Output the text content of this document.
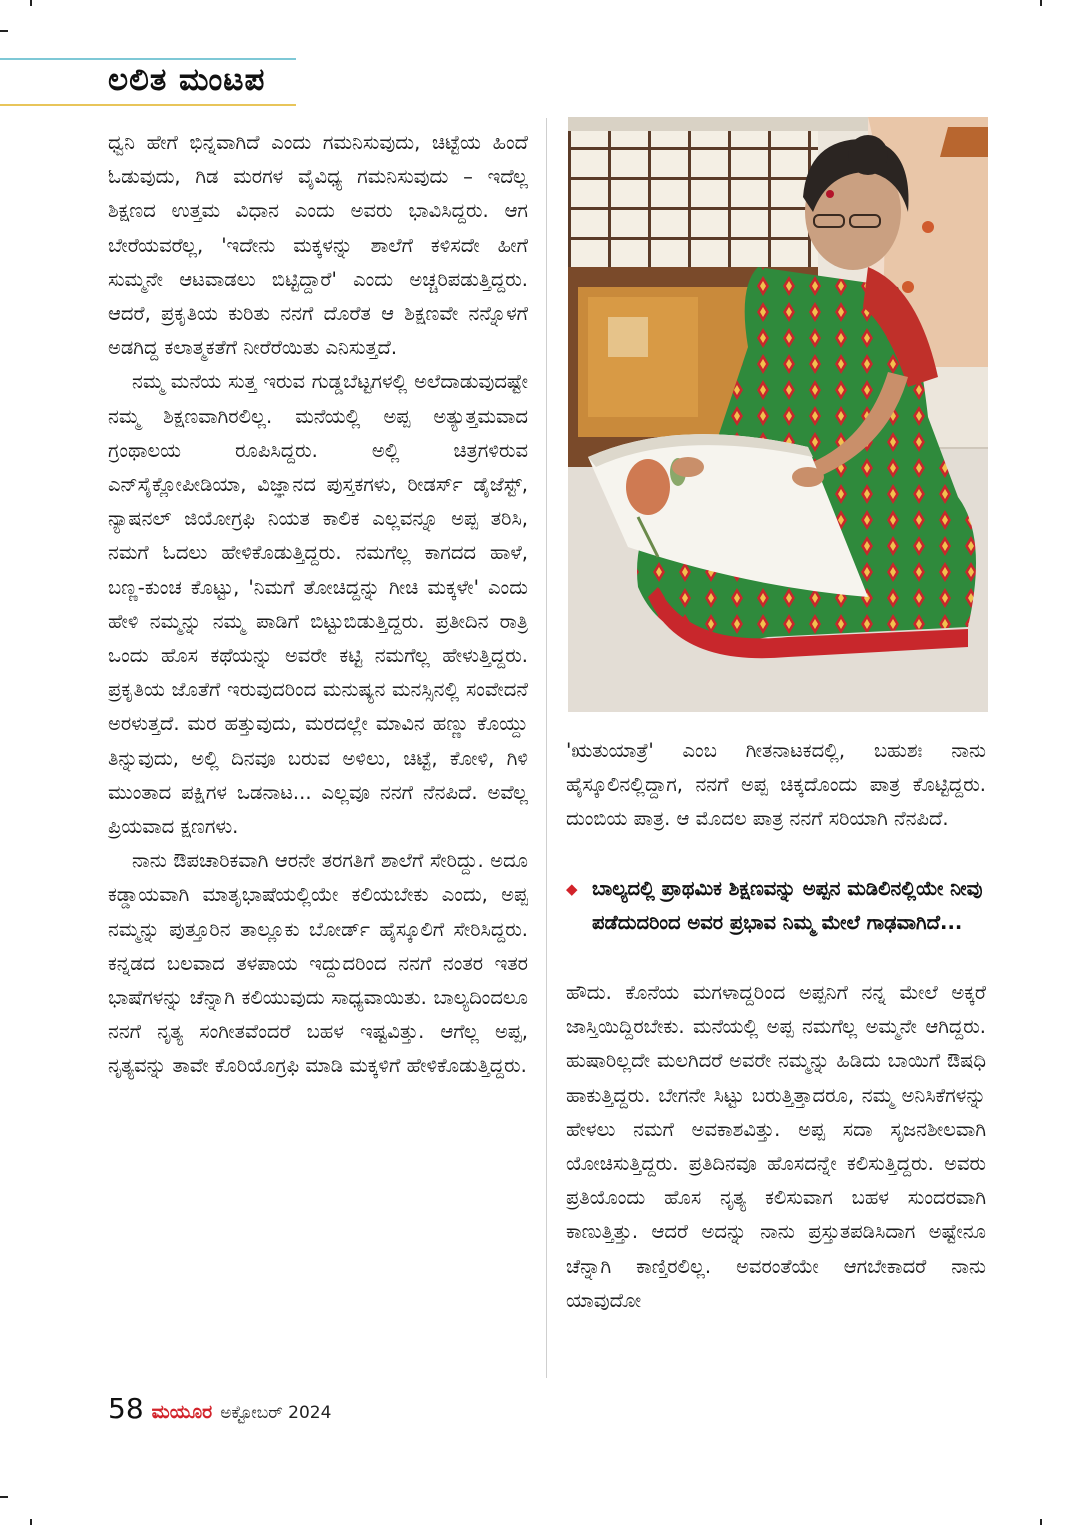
ಲಲಿತ ಮಂಟಪ

ಧ್ವನಿ ಹೇಗೆ ಭಿನ್ನವಾಗಿದೆ ಎಂದು ಗಮನಿಸುವುದು, ಚಿಟ್ಟೆಯ ಹಿಂದೆ ಓಡುವುದು, ಗಿಡ ಮರಗಳ ವೈವಿಧ್ಯ ಗಮನಿಸುವುದು – ಇದೆಲ್ಲ ಶಿಕ್ಷಣದ ಉತ್ತಮ ವಿಧಾನ ಎಂದು ಅವರು ಭಾವಿಸಿದ್ದರು. ಆಗ ಬೇರೆಯವರೆಲ್ಲ, 'ಇದೇನು ಮಕ್ಕಳನ್ನು ಶಾಲೆಗೆ ಕಳಿಸದೇ ಹೀಗೆ ಸುಮ್ಮನೇ ಆಟವಾಡಲು ಬಿಟ್ಟಿದ್ದಾರೆ' ಎಂದು ಅಚ್ಚರಿಪಡುತ್ತಿದ್ದರು. ಆದರೆ, ಪ್ರಕೃತಿಯ ಕುರಿತು ನನಗೆ ದೊರೆತ ಆ ಶಿಕ್ಷಣವೇ ನನ್ನೊಳಗೆ ಅಡಗಿದ್ದ ಕಲಾತ್ಮಕತೆಗೆ ನೀರೆರೆಯಿತು ಎನಿಸುತ್ತದೆ.

ನಮ್ಮ ಮನೆಯ ಸುತ್ತ ಇರುವ ಗುಡ್ಡಬೆಟ್ಟಗಳಲ್ಲಿ ಅಲೆದಾಡುವುದಷ್ಟೇ ನಮ್ಮ ಶಿಕ್ಷಣವಾಗಿರಲಿಲ್ಲ. ಮನೆಯಲ್ಲಿ ಅಪ್ಪ ಅತ್ಯುತ್ತಮವಾದ ಗ್ರಂಥಾಲಯ ರೂಪಿಸಿದ್ದರು. ಅಲ್ಲಿ ಚಿತ್ರಗಳಿರುವ ಎನ್‌ಸೈಕ್ಲೋಪೀಡಿಯಾ, ವಿಜ್ಞಾನದ ಪುಸ್ತಕಗಳು, ರೀಡರ್ಸ್ ಡೈಜೆಸ್ಟ್, ನ್ಯಾಷನಲ್ ಜಿಯೋಗ್ರಫಿ ನಿಯತ ಕಾಲಿಕ ಎಲ್ಲವನ್ನೂ ಅಪ್ಪ ತರಿಸಿ, ನಮಗೆ ಓದಲು ಹೇಳಿಕೊಡುತ್ತಿದ್ದರು. ನಮಗೆಲ್ಲ ಕಾಗದದ ಹಾಳೆ, ಬಣ್ಣ-ಕುಂಚ ಕೊಟ್ಟು, 'ನಿಮಗೆ ತೋಚಿದ್ದನ್ನು ಗೀಚಿ ಮಕ್ಕಳೇ' ಎಂದು ಹೇಳಿ ನಮ್ಮನ್ನು ನಮ್ಮ ಪಾಡಿಗೆ ಬಿಟ್ಟುಬಿಡುತ್ತಿದ್ದರು. ಪ್ರತೀದಿನ ರಾತ್ರಿ ಒಂದು ಹೊಸ ಕಥೆಯನ್ನು ಅವರೇ ಕಟ್ಟಿ ನಮಗೆಲ್ಲ ಹೇಳುತ್ತಿದ್ದರು. ಪ್ರಕೃತಿಯ ಜೊತೆಗೆ ಇರುವುದರಿಂದ ಮನುಷ್ಯನ ಮನಸ್ಸಿನಲ್ಲಿ ಸಂವೇದನೆ ಅರಳುತ್ತದೆ. ಮರ ಹತ್ತುವುದು, ಮರದಲ್ಲೇ ಮಾವಿನ ಹಣ್ಣು ಕೊಯ್ದು ತಿನ್ನುವುದು, ಅಲ್ಲಿ ದಿನವೂ ಬರುವ ಅಳಿಲು, ಚಿಟ್ಟೆ, ಕೋಳಿ, ಗಿಳಿ ಮುಂತಾದ ಪಕ್ಷಿಗಳ ಒಡನಾಟ... ಎಲ್ಲವೂ ನನಗೆ ನೆನಪಿದೆ. ಅವೆಲ್ಲ ಪ್ರಿಯವಾದ ಕ್ಷಣಗಳು.

ನಾನು ಔಪಚಾರಿಕವಾಗಿ ಆರನೇ ತರಗತಿಗೆ ಶಾಲೆಗೆ ಸೇರಿದ್ದು. ಅದೂ ಕಡ್ಡಾಯವಾಗಿ ಮಾತೃಭಾಷೆಯಲ್ಲಿಯೇ ಕಲಿಯಬೇಕು ಎಂದು, ಅಪ್ಪ ನಮ್ಮನ್ನು ಪುತ್ತೂರಿನ ತಾಲ್ಲೂಕು ಬೋರ್ಡ್ ಹೈಸ್ಕೂಲಿಗೆ ಸೇರಿಸಿದ್ದರು. ಕನ್ನಡದ ಬಲವಾದ ತಳಪಾಯ ಇದ್ದುದರಿಂದ ನನಗೆ ನಂತರ ಇತರ ಭಾಷೆಗಳನ್ನು ಚೆನ್ನಾಗಿ ಕಲಿಯುವುದು ಸಾಧ್ಯವಾಯಿತು. ಬಾಲ್ಯದಿಂದಲೂ ನನಗೆ ನೃತ್ಯ ಸಂಗೀತವೆಂದರೆ ಬಹಳ ಇಷ್ಟವಿತ್ತು. ಆಗೆಲ್ಲ ಅಪ್ಪ, ನೃತ್ಯವನ್ನು ತಾವೇ ಕೊರಿಯೊಗ್ರಫಿ ಮಾಡಿ ಮಕ್ಕಳಿಗೆ ಹೇಳಿಕೊಡುತ್ತಿದ್ದರು.

'ಋತುಯಾತ್ರೆ' ಎಂಬ ಗೀತನಾಟಕದಲ್ಲಿ, ಬಹುಶಃ ನಾನು ಹೈಸ್ಕೂಲಿನಲ್ಲಿದ್ದಾಗ, ನನಗೆ ಅಪ್ಪ ಚಿಕ್ಕದೊಂದು ಪಾತ್ರ ಕೊಟ್ಟಿದ್ದರು. ದುಂಬಿಯ ಪಾತ್ರ. ಆ ಮೊದಲ ಪಾತ್ರ ನನಗೆ ಸರಿಯಾಗಿ ನೆನಪಿದೆ.

◆ ಬಾಲ್ಯದಲ್ಲಿ ಪ್ರಾಥಮಿಕ ಶಿಕ್ಷಣವನ್ನು ಅಪ್ಪನ ಮಡಿಲಿನಲ್ಲಿಯೇ ನೀವು ಪಡೆದುದರಿಂದ ಅವರ ಪ್ರಭಾವ ನಿಮ್ಮ ಮೇಲೆ ಗಾಢವಾಗಿದೆ...

ಹೌದು. ಕೊನೆಯ ಮಗಳಾದ್ದರಿಂದ ಅಪ್ಪನಿಗೆ ನನ್ನ ಮೇಲೆ ಅಕ್ಕರೆ ಜಾಸ್ತಿಯಿದ್ದಿರಬೇಕು. ಮನೆಯಲ್ಲಿ ಅಪ್ಪ ನಮಗೆಲ್ಲ ಅಮ್ಮನೇ ಆಗಿದ್ದರು. ಹುಷಾರಿಲ್ಲದೇ ಮಲಗಿದರೆ ಅವರೇ ನಮ್ಮನ್ನು ಹಿಡಿದು ಬಾಯಿಗೆ ಔಷಧಿ ಹಾಕುತ್ತಿದ್ದರು. ಬೇಗನೇ ಸಿಟ್ಟು ಬರುತ್ತಿತ್ತಾದರೂ, ನಮ್ಮ ಅನಿಸಿಕೆಗಳನ್ನು ಹೇಳಲು ನಮಗೆ ಅವಕಾಶವಿತ್ತು. ಅಪ್ಪ ಸದಾ ಸೃಜನಶೀಲವಾಗಿ ಯೋಚಿಸುತ್ತಿದ್ದರು. ಪ್ರತಿದಿನವೂ ಹೊಸದನ್ನೇ ಕಲಿಸುತ್ತಿದ್ದರು. ಅವರು ಪ್ರತಿಯೊಂದು ಹೊಸ ನೃತ್ಯ ಕಲಿಸುವಾಗ ಬಹಳ ಸುಂದರವಾಗಿ ಕಾಣುತ್ತಿತ್ತು. ಆದರೆ ಅದನ್ನು ನಾನು ಪ್ರಸ್ತುತಪಡಿಸಿದಾಗ ಅಷ್ಟೇನೂ ಚೆನ್ನಾಗಿ ಕಾಣ್ತಿರಲಿಲ್ಲ. ಅವರಂತೆಯೇ ಆಗಬೇಕಾದರೆ ನಾನು ಯಾವುದೋ

58 ಮಯೂರ ಅಕ್ಟೋಬರ್ 2024
